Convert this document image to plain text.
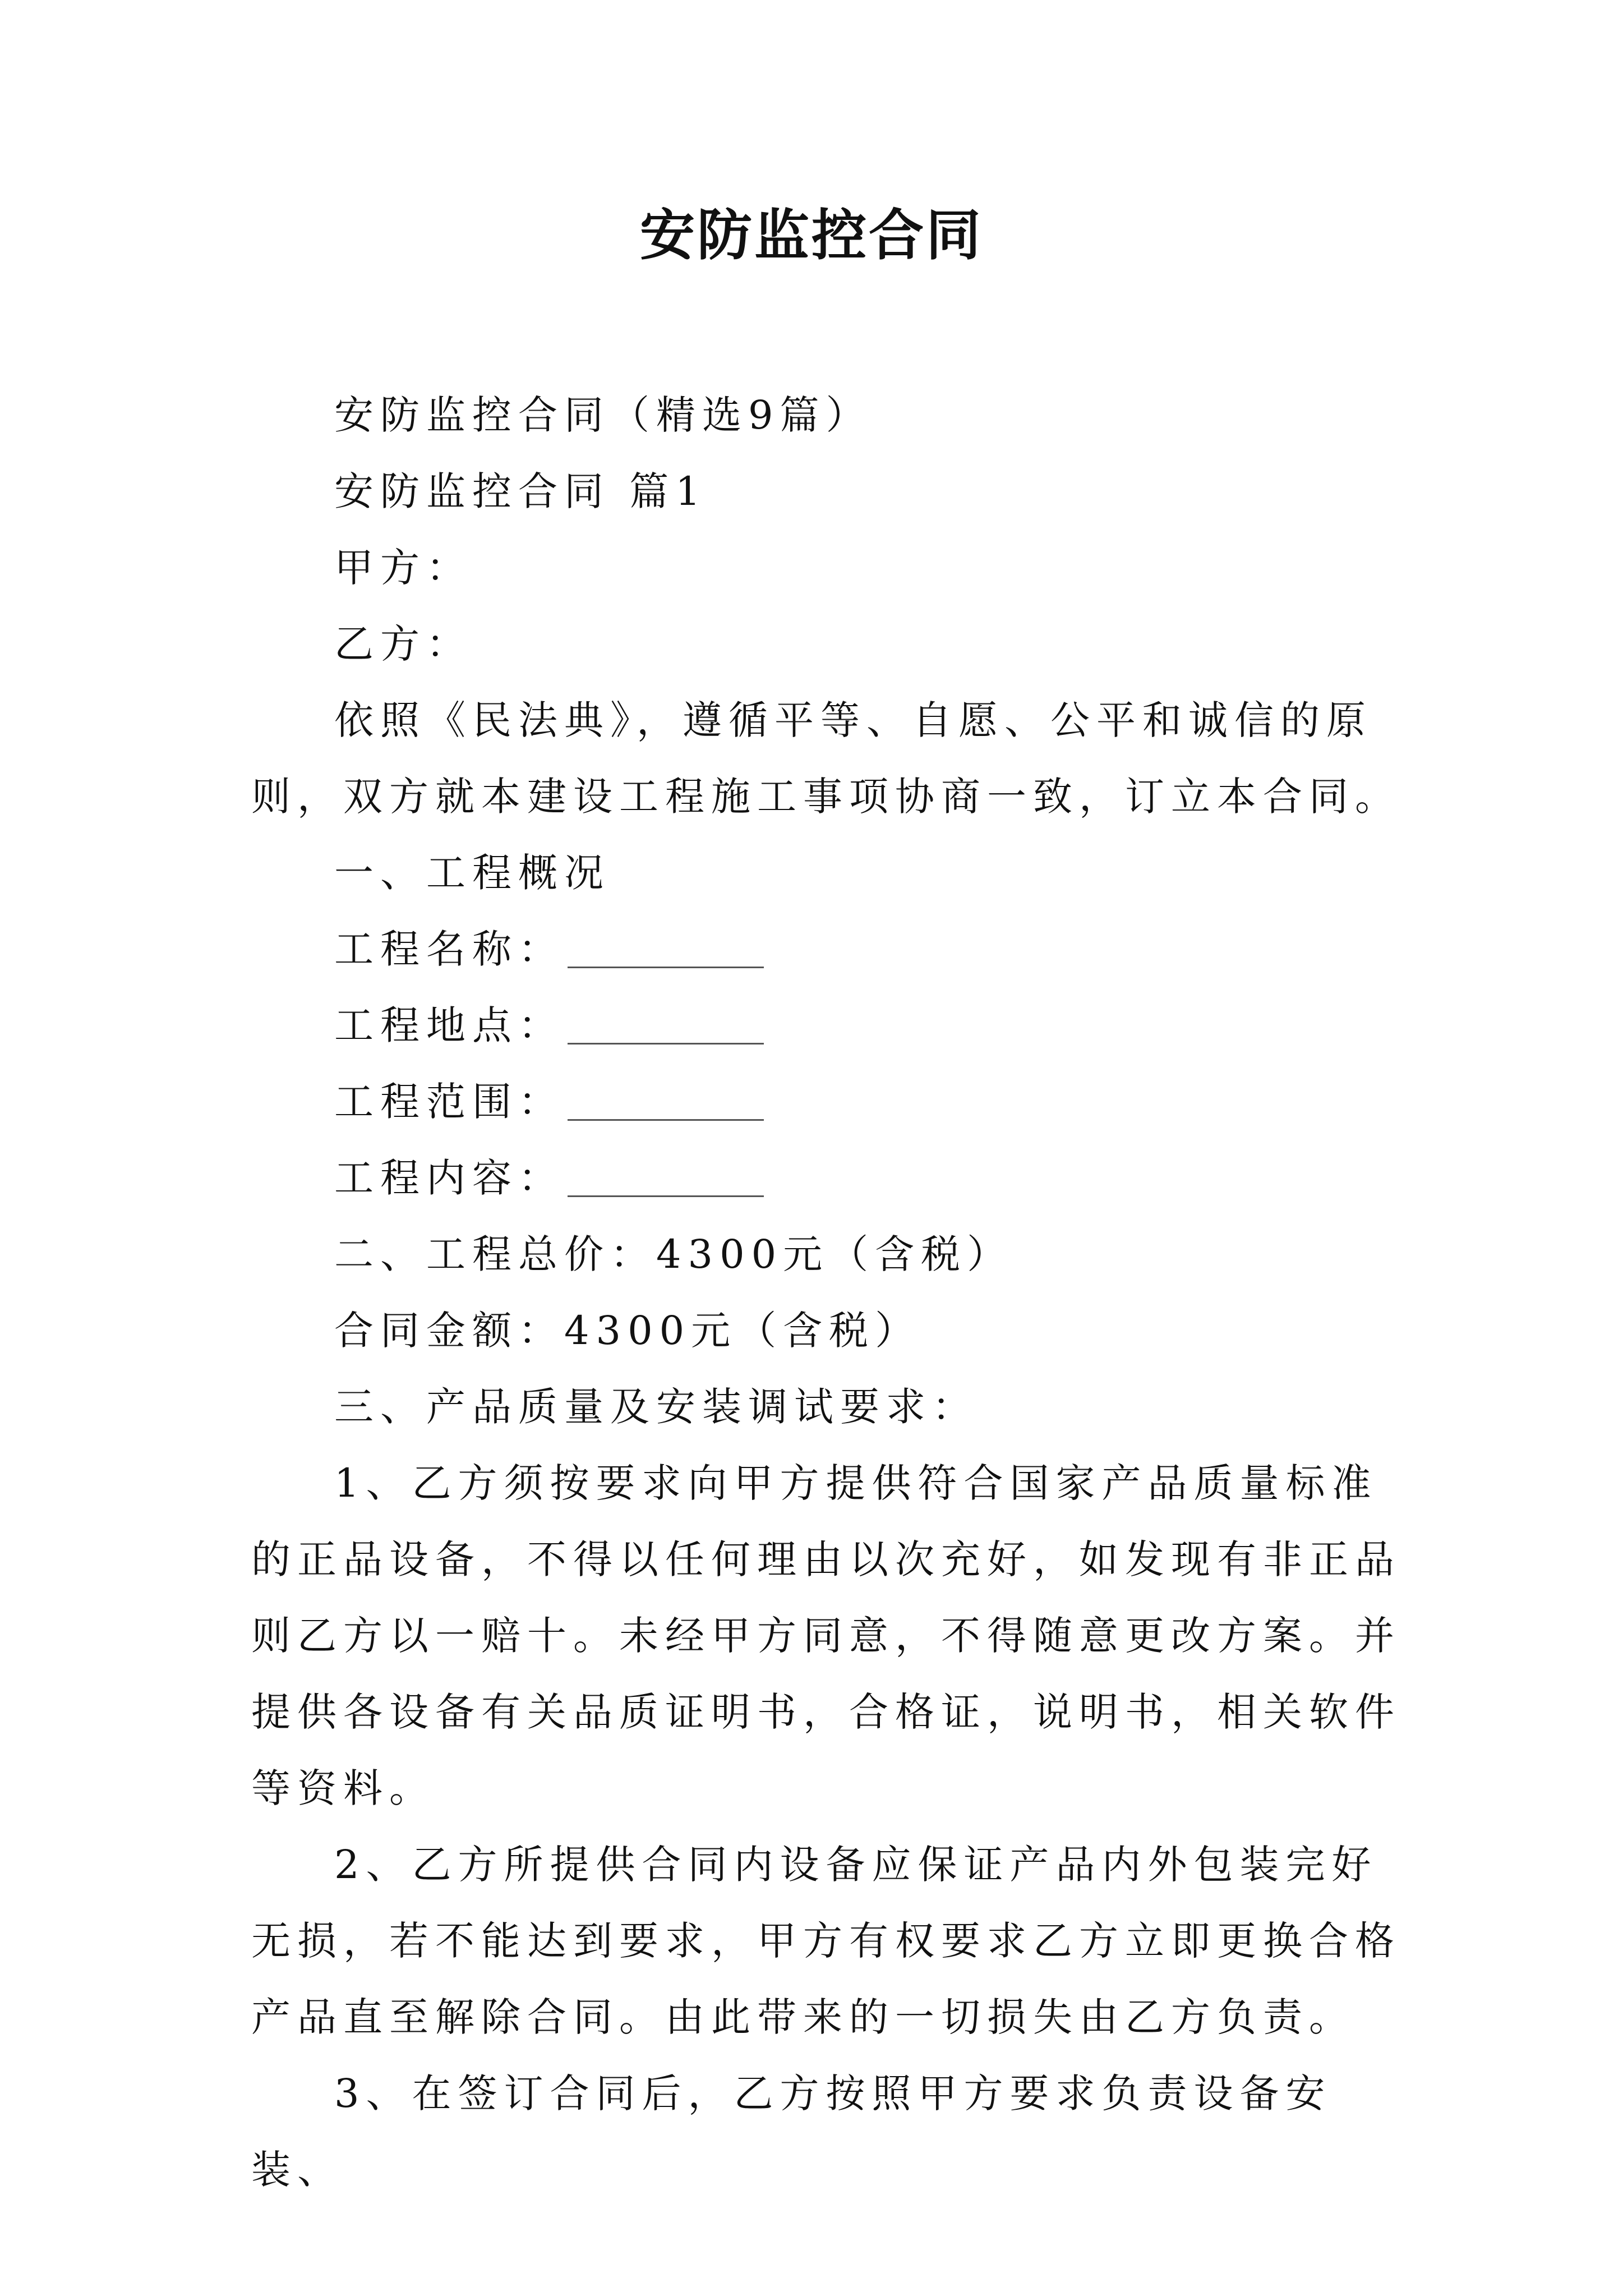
安防监控合同

安防监控合同（精选9篇）

安防监控合同 篇1

甲方：

乙方：

依照《民法典》，遵循平等、自愿、公平和诚信的原则，双方就本建设工程施工事项协商一致，订立本合同。

一、工程概况

工程名称：

工程地点：

工程范围：

工程内容：

二、工程总价：4300元（含税）

合同金额：4300元（含税）

三、产品质量及安装调试要求：

1、乙方须按要求向甲方提供符合国家产品质量标准的正品设备，不得以任何理由以次充好，如发现有非正品则乙方以一赔十。未经甲方同意，不得随意更改方案。并提供各设备有关品质证明书，合格证，说明书，相关软件等资料。

2、乙方所提供合同内设备应保证产品内外包装完好无损，若不能达到要求，甲方有权要求乙方立即更换合格产品直至解除合同。由此带来的一切损失由乙方负责。

3、在签订合同后，乙方按照甲方要求负责设备安装、
